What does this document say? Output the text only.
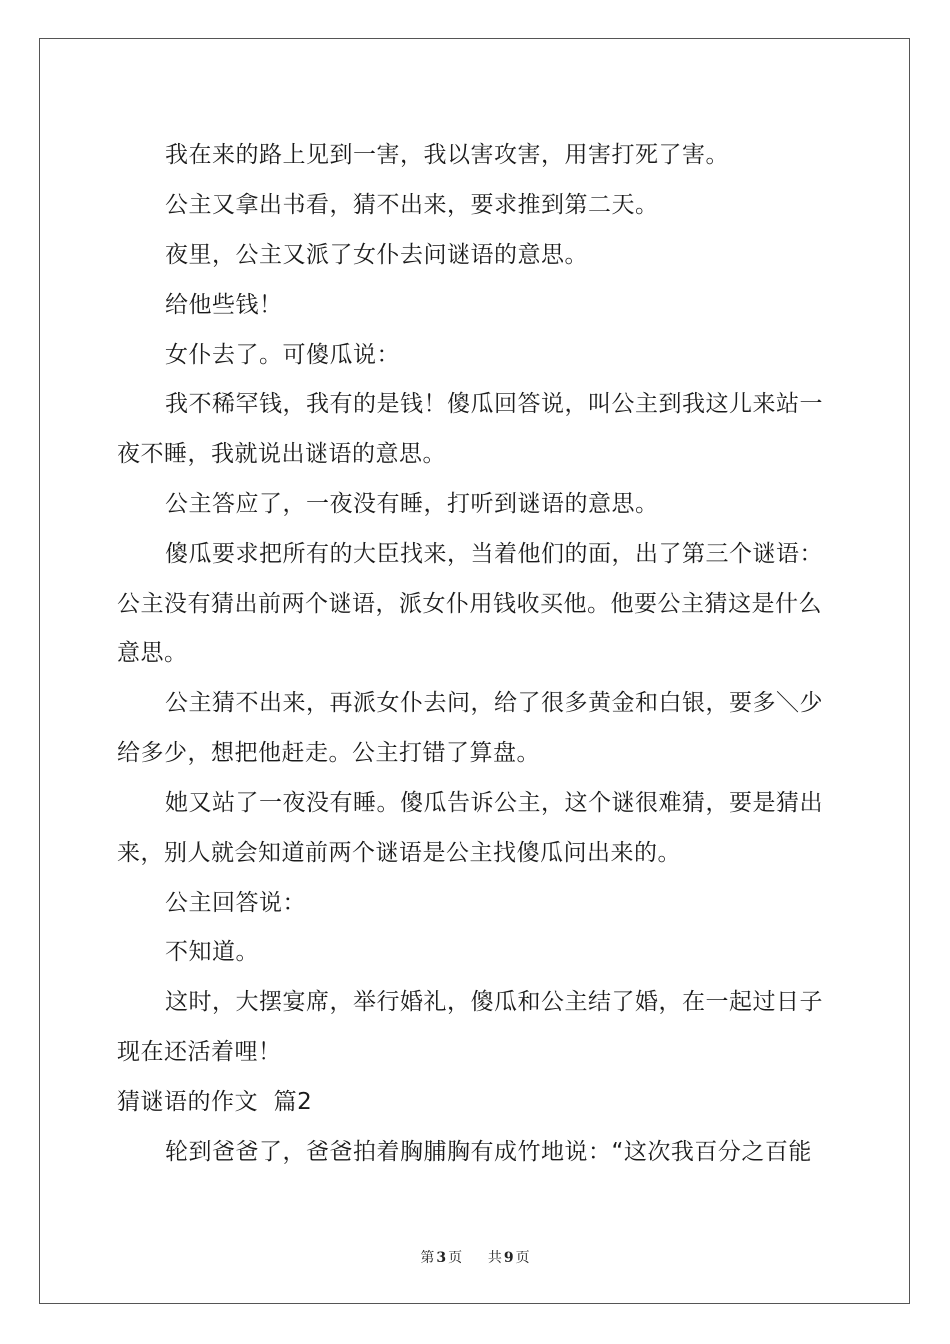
我在来的路上见到一害，我以害攻害，用害打死了害。
公主又拿出书看，猜不出来，要求推到第二天。
夜里，公主又派了女仆去问谜语的意思。
给他些钱！
女仆去了。可傻瓜说：
我不稀罕钱，我有的是钱！傻瓜回答说，叫公主到我这儿来站一
夜不睡，我就说出谜语的意思。
公主答应了，一夜没有睡，打听到谜语的意思。
傻瓜要求把所有的大臣找来，当着他们的面，出了第三个谜语：
公主没有猜出前两个谜语，派女仆用钱收买他。他要公主猜这是什么
意思。
公主猜不出来，再派女仆去问，给了很多黄金和白银，要多＼少
给多少，想把他赶走。公主打错了算盘。
她又站了一夜没有睡。傻瓜告诉公主，这个谜很难猜，要是猜出
来，别人就会知道前两个谜语是公主找傻瓜问出来的。
公主回答说：
不知道。
这时，大摆宴席，举行婚礼，傻瓜和公主结了婚，在一起过日子
现在还活着哩！
猜谜语的作文  篇2
轮到爸爸了，爸爸拍着胸脯胸有成竹地说：“这次我百分之百能
第 3 页 共 9 页
